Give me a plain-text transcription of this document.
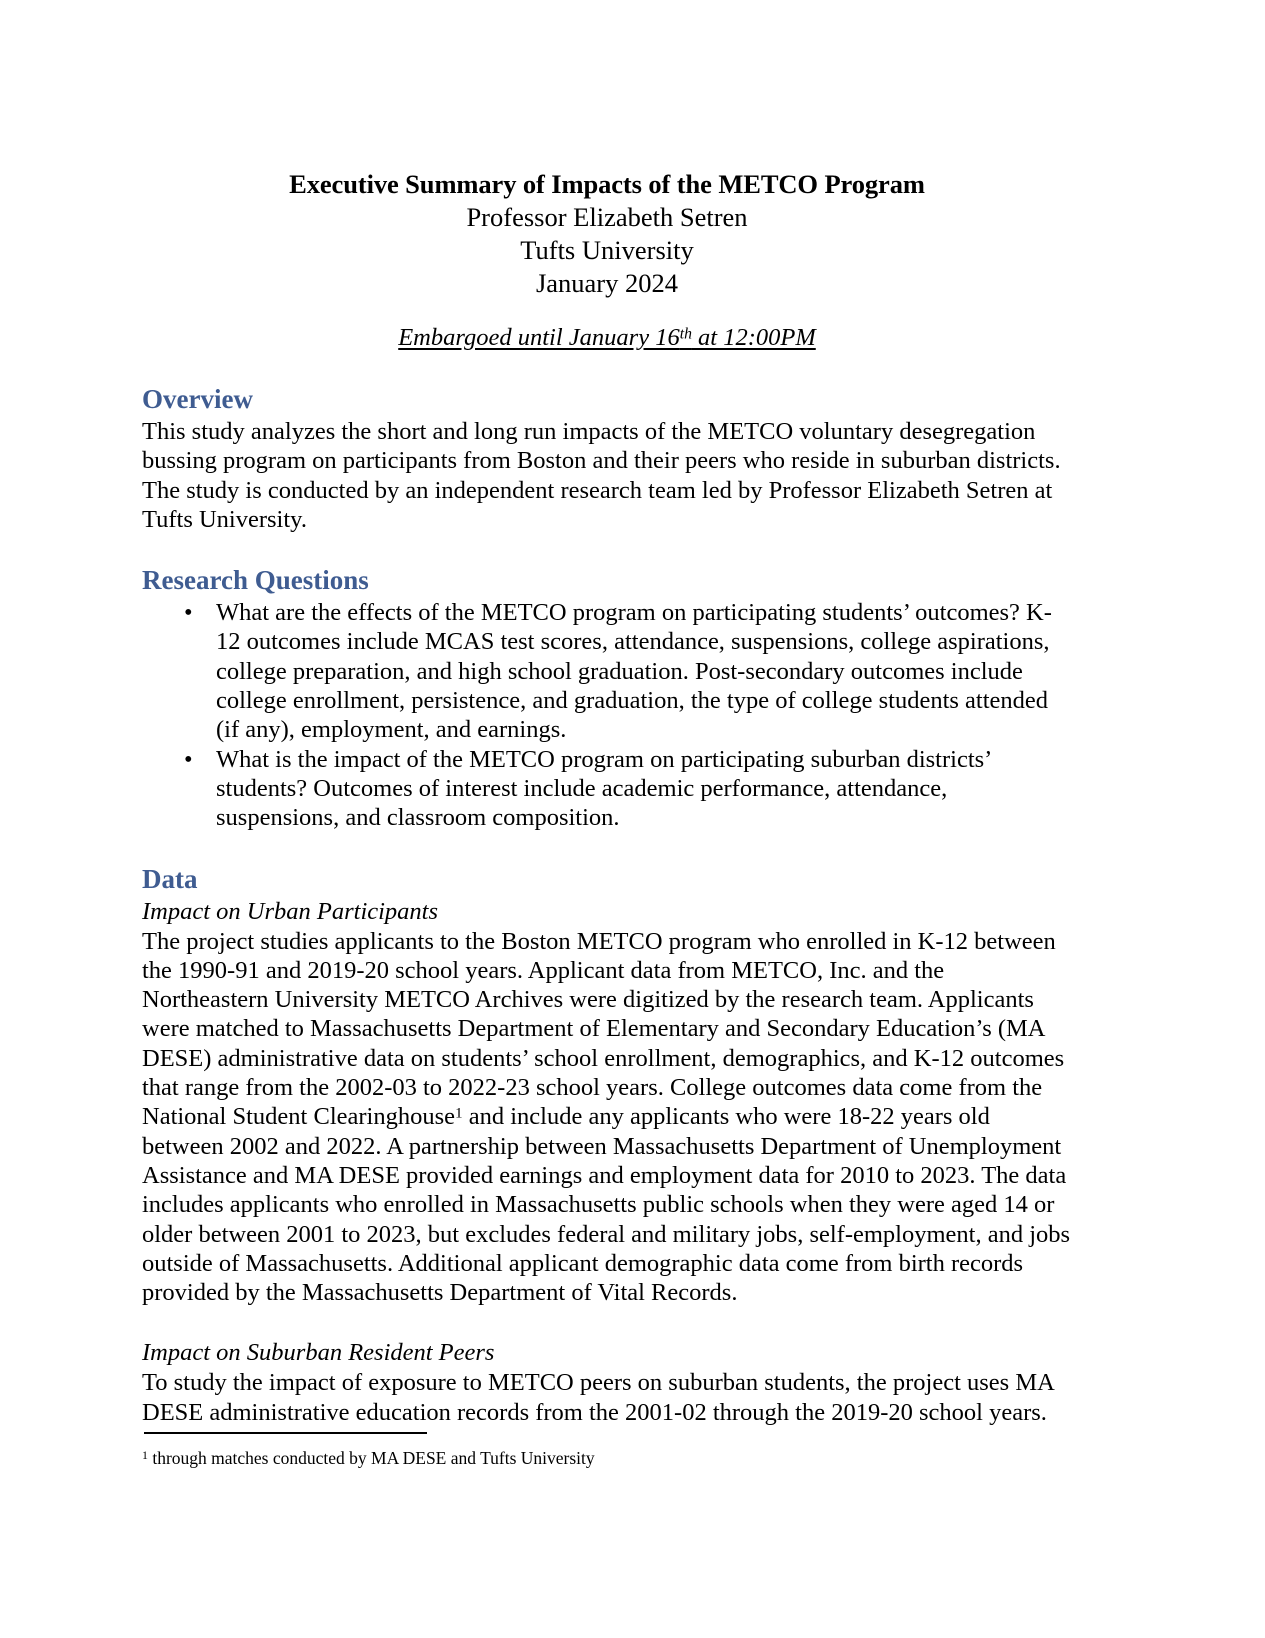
Executive Summary of Impacts of the METCO Program
Professor Elizabeth Setren
Tufts University
January 2024
Embargoed until January 16th at 12:00PM
Overview

This study analyzes the short and long run impacts of the METCO voluntary desegregation bussing program on participants from Boston and their peers who reside in suburban districts. The study is conducted by an independent research team led by Professor Elizabeth Setren at Tufts University.

Research Questions
• What are the effects of the METCO program on participating students’ outcomes? K-12 outcomes include MCAS test scores, attendance, suspensions, college aspirations, college preparation, and high school graduation. Post-secondary outcomes include college enrollment, persistence, and graduation, the type of college students attended (if any), employment, and earnings.
• What is the impact of the METCO program on participating suburban districts’ students? Outcomes of interest include academic performance, attendance, suspensions, and classroom composition.
Data
Impact on Urban Participants

The project studies applicants to the Boston METCO program who enrolled in K-12 between the 1990-91 and 2019-20 school years. Applicant data from METCO, Inc. and the Northeastern University METCO Archives were digitized by the research team. Applicants were matched to Massachusetts Department of Elementary and Secondary Education’s (MA DESE) administrative data on students’ school enrollment, demographics, and K-12 outcomes that range from the 2002-03 to 2022-23 school years. College outcomes data come from the National Student Clearinghouse$^1$ and include any applicants who were 18-22 years old between 2002 and 2022. A partnership between Massachusetts Department of Unemployment Assistance and MA DESE provided earnings and employment data for 2010 to 2023. The data includes applicants who enrolled in Massachusetts public schools when they were aged 14 or older between 2001 to 2023, but excludes federal and military jobs, self-employment, and jobs outside of Massachusetts. Additional applicant demographic data come from birth records provided by the Massachusetts Department of Vital Records.

Impact on Suburban Resident Peers

To study the impact of exposure to METCO peers on suburban students, the project uses MA DESE administrative education records from the 2001-02 through the 2019-20 school years.

$^1$ through matches conducted by MA DESE and Tufts University
